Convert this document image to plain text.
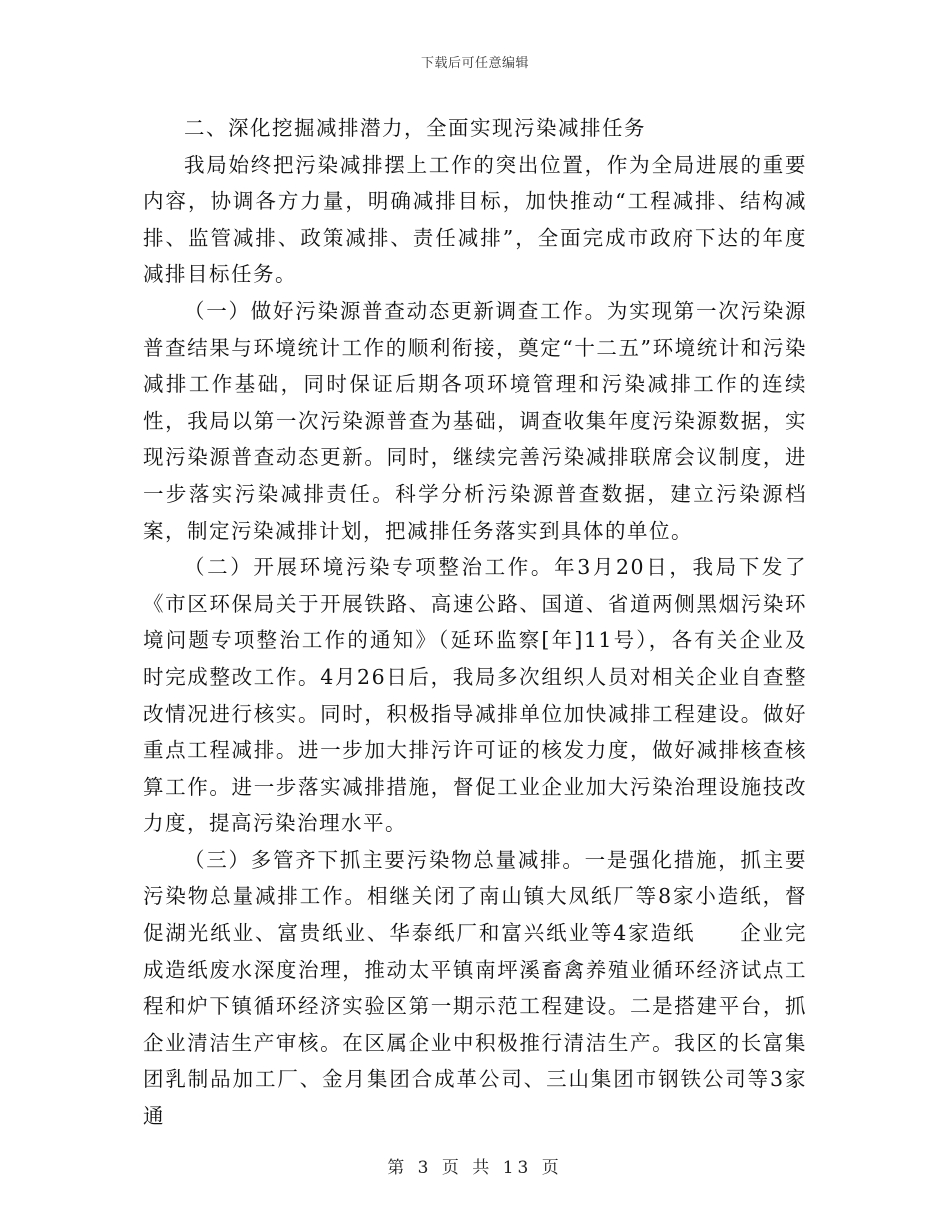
下载后可任意编辑

二、深化挖掘减排潜力，全面实现污染减排任务

我局始终把污染减排摆上工作的突出位置，作为全局进展的重要内容，协调各方力量，明确减排目标，加快推动“工程减排、结构减排、监管减排、政策减排、责任减排”，全面完成市政府下达的年度减排目标任务。

（一）做好污染源普查动态更新调查工作。为实现第一次污染源普查结果与环境统计工作的顺利衔接，奠定“十二五”环境统计和污染减排工作基础，同时保证后期各项环境管理和污染减排工作的连续性，我局以第一次污染源普查为基础，调查收集年度污染源数据，实现污染源普查动态更新。同时，继续完善污染减排联席会议制度，进一步落实污染减排责任。科学分析污染源普查数据，建立污染源档案，制定污染减排计划，把减排任务落实到具体的单位。

（二）开展环境污染专项整治工作。年3月20日，我局下发了《市区环保局关于开展铁路、高速公路、国道、省道两侧黑烟污染环境问题专项整治工作的通知》（延环监察[年]11号），各有关企业及时完成整改工作。4月26日后，我局多次组织人员对相关企业自查整改情况进行核实。同时，积极指导减排单位加快减排工程建设。做好重点工程减排。进一步加大排污许可证的核发力度，做好减排核查核算工作。进一步落实减排措施，督促工业企业加大污染治理设施技改力度，提高污染治理水平。

（三）多管齐下抓主要污染物总量减排。一是强化措施，抓主要污染物总量减排工作。相继关闭了南山镇大凤纸厂等8家小造纸，督促湖光纸业、富贵纸业、华泰纸厂和富兴纸业等4家造纸　　企业完成造纸废水深度治理，推动太平镇南坪溪畜禽养殖业循环经济试点工程和炉下镇循环经济实验区第一期示范工程建设。二是搭建平台，抓企业清洁生产审核。在区属企业中积极推行清洁生产。我区的长富集团乳制品加工厂、金月集团合成革公司、三山集团市钢铁公司等3家通

第 3 页 共 13 页
